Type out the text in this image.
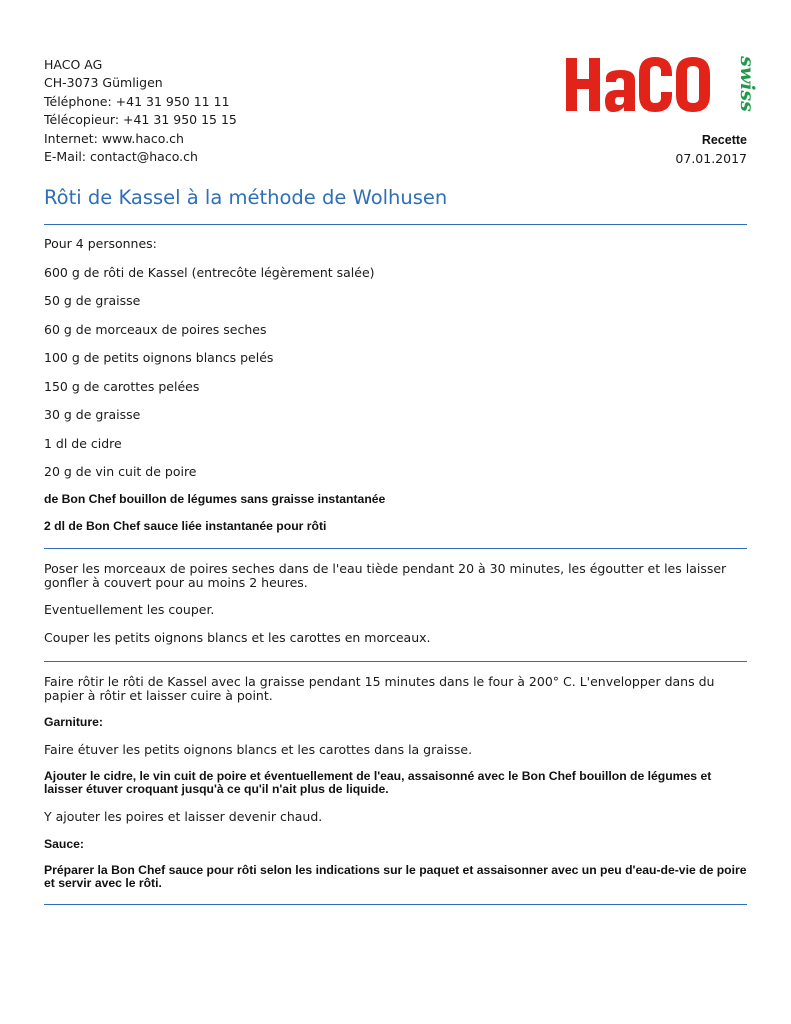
HACO AG
CH-3073 Gümligen
Téléphone: +41 31 950 11 11
Télécopieur: +41 31 950 15 15
Internet: www.haco.ch
E-Mail: contact@haco.ch
swiss
Recette
07.01.2017
Rôti de Kassel à la méthode de Wolhusen
Pour 4 personnes:
600 g de rôti de Kassel (entrecôte légèrement salée)
50 g de graisse
60 g de morceaux de poires seches
100 g de petits oignons blancs pelés
150 g de carottes pelées
30 g de graisse
1 dl de cidre
20 g de vin cuit de poire
de Bon Chef bouillon de légumes sans graisse instantanée
2 dl de Bon Chef sauce liée instantanée pour rôti
Poser les morceaux de poires seches dans de l'eau tiède pendant 20 à 30 minutes, les égoutter et les laisser gonfler à couvert pour au moins 2 heures.
Eventuellement les couper.
Couper les petits oignons blancs et les carottes en morceaux.
Faire rôtir le rôti de Kassel avec la graisse pendant 15 minutes dans le four à 200° C. L'envelopper dans du papier à rôtir et laisser cuire à point.
Garniture:
Faire étuver les petits oignons blancs et les carottes dans la graisse.
Ajouter le cidre, le vin cuit de poire et éventuellement de l'eau, assaisonné avec le Bon Chef bouillon de légumes et laisser étuver croquant jusqu'à ce qu'il n'ait plus de liquide.
Y ajouter les poires et laisser devenir chaud.
Sauce:
Préparer la Bon Chef sauce pour rôti selon les indications sur le paquet et assaisonner avec un peu d'eau-de-vie de poire et servir avec le rôti.
